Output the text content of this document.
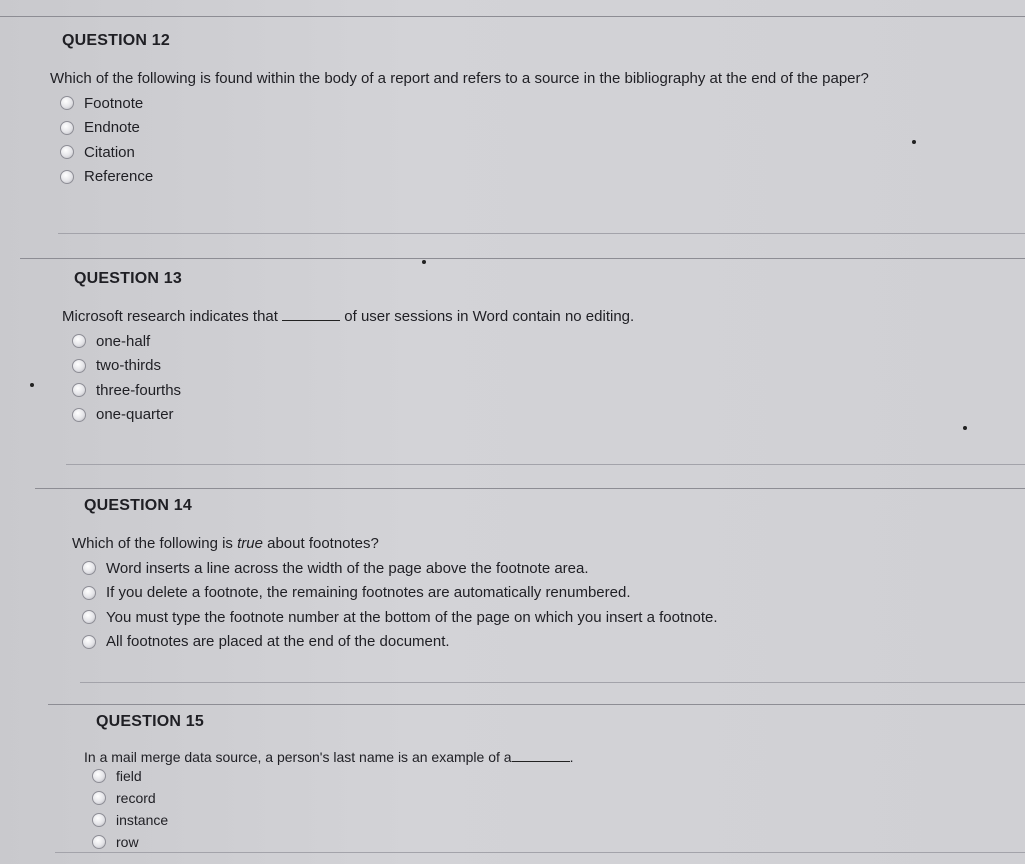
QUESTION 12
Which of the following is found within the body of a report and refers to a source in the bibliography at the end of the paper?
Footnote
Endnote
Citation
Reference
QUESTION 13
Microsoft research indicates that	of user sessions in Word contain no editing.
one-half
two-thirds
three-fourths
one-quarter
QUESTION 14
Which of the following is true about footnotes?
Word inserts a line across the width of the page above the footnote area.
If you delete a footnote, the remaining footnotes are automatically renumbered.
You must type the footnote number at the bottom of the page on which you insert a footnote.
All footnotes are placed at the end of the document.
QUESTION 15
In a mail merge data source, a person's last name is an example of a	.
field
record
instance
row
